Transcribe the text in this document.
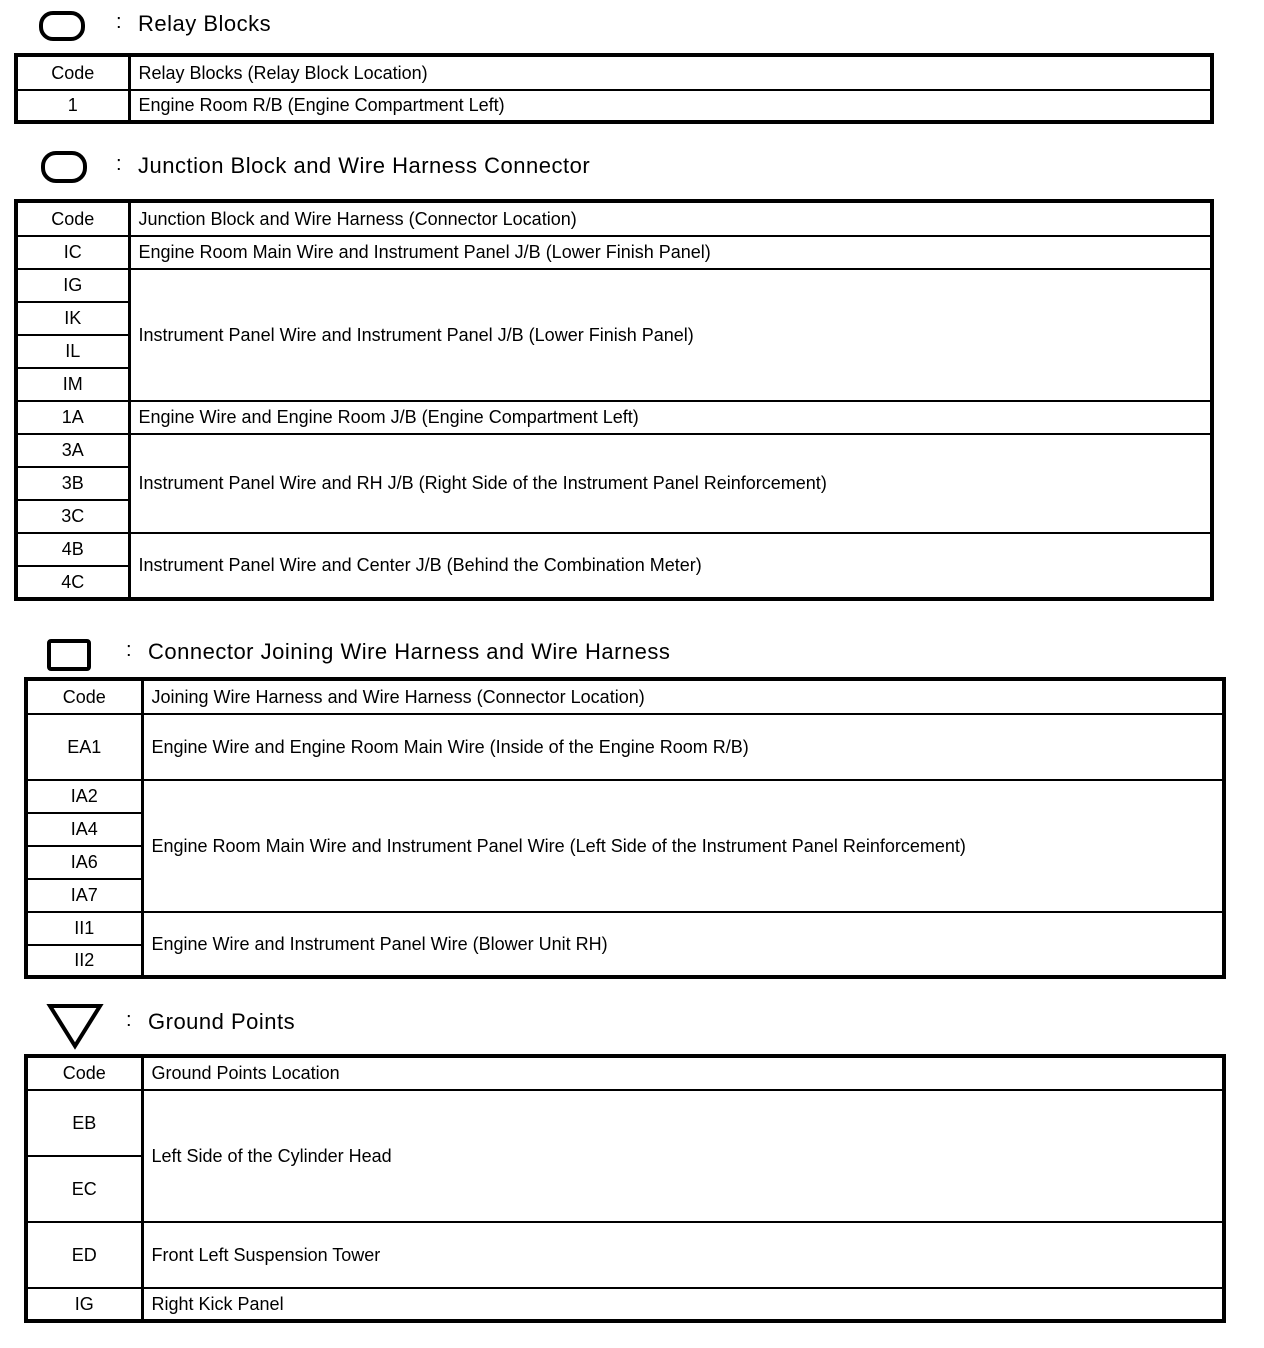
: Relay Blocks
Code	Relay Blocks (Relay Block Location)
1	Engine Room R/B (Engine Compartment Left)
: Junction Block and Wire Harness Connector
Code	Junction Block and Wire Harness (Connector Location)
IC	Engine Room Main Wire and Instrument Panel J/B (Lower Finish Panel)
IG	Instrument Panel Wire and Instrument Panel J/B (Lower Finish Panel)
IK	
IL	
IM	
1A	Engine Wire and Engine Room J/B (Engine Compartment Left)
3A	Instrument Panel Wire and RH J/B (Right Side of the Instrument Panel Reinforcement)
3B	
3C	
4B	Instrument Panel Wire and Center J/B (Behind the Combination Meter)
4C	
: Connector Joining Wire Harness and Wire Harness
Code	Joining Wire Harness and Wire Harness (Connector Location)
EA1	Engine Wire and Engine Room Main Wire (Inside of the Engine Room R/B)
IA2	Engine Room Main Wire and Instrument Panel Wire (Left Side of the Instrument Panel Reinforcement)
IA4	
IA6	
IA7	
II1	Engine Wire and Instrument Panel Wire (Blower Unit RH)
II2	
: Ground Points
Code	Ground Points Location
EB	Left Side of the Cylinder Head
EC	
ED	Front Left Suspension Tower
IG	Right Kick Panel
